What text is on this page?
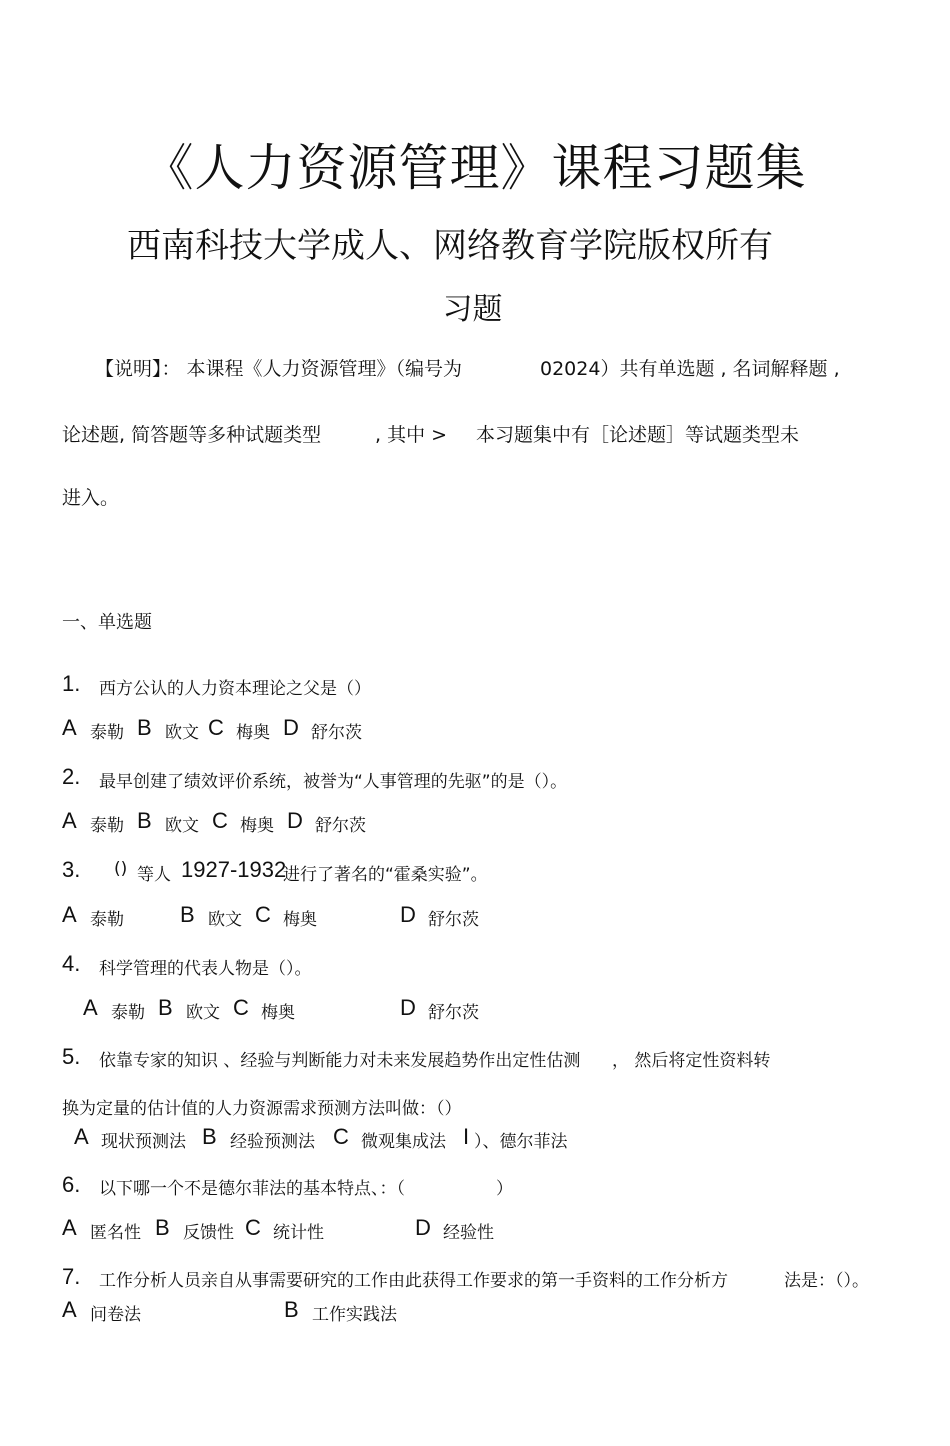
《人力资源管理》课程习题集
西南科技大学成人、网络教育学院版权所有
习题
【说明】： 本课程《人力资源管理》（编号为	02024）共有单选题 , 名词解释题 ,
论述题, 简答题等多种试题类型	, 其中 > 本习题集中有［论述题］等试题类型未
进入。
一、单选题
1. 西方公认的人力资本理论之父是（）
A 泰勒 B 欧文 C 梅奥 D 舒尔茨
2. 最早创建了绩效评价系统，被誉为“人事管理的先驱”的是（）。
A 泰勒 B 欧文 C 梅奥 D 舒尔茨
3. () 等人 1927-1932
进行了著名的“霍桑实验”。
A 泰勒	B 欧文 C 梅奥	D 舒尔茨
4. 科学管理的代表人物是（）。
A 泰勒 B 欧文 C 梅奥	D 舒尔茨
5. 依靠专家的知识 、经验与判断能力对未来发展趋势作出定性估测 ， 然后将定性资料转
换为定量的估计值的人力资源需求预测方法叫做：（）
A 现状预测法 B 经验预测法 C 微观集成法 I ）、德尔菲法
6. 以下哪一个不是德尔菲法的基本特点、：（	）
A 匿名性 B 反馈性 C 统计性	D 经验性
7. 工作分析人员亲自从事需要研究的工作由此获得工作要求的第一手资料的工作分析方	法是：（）。
A 问卷法	B 工作实践法
